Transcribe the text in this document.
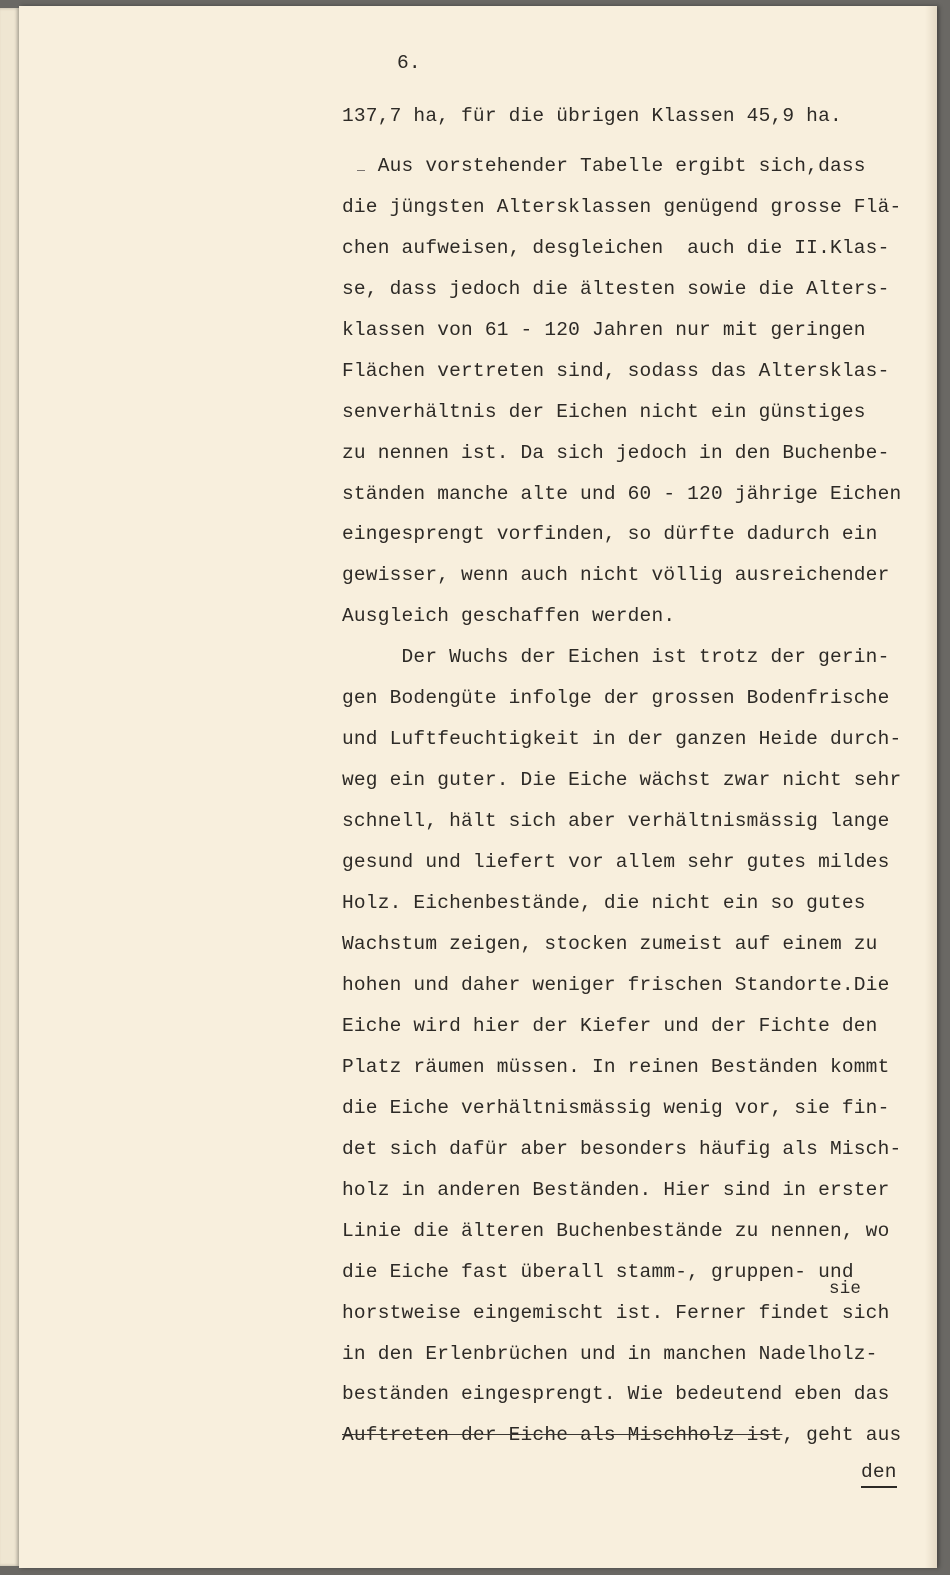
6.
137,7 ha, für die übrigen Klassen 45,9 ha.
Aus vorstehender Tabelle ergibt sich,dass
die jüngsten Altersklassen genügend grosse Flä-
chen aufweisen, desgleichen  auch die II.Klas-
se, dass jedoch die ältesten sowie die Alters-
klassen von 61 - 120 Jahren nur mit geringen
Flächen vertreten sind, sodass das Altersklas-
senverhältnis der Eichen nicht ein günstiges
zu nennen ist. Da sich jedoch in den Buchenbe-
ständen manche alte und 60 - 120 jährige Eichen
eingesprengt vorfinden, so dürfte dadurch ein
gewisser, wenn auch nicht völlig ausreichender
Ausgleich geschaffen werden.
Der Wuchs der Eichen ist trotz der gerin-
gen Bodengüte infolge der grossen Bodenfrische
und Luftfeuchtigkeit in der ganzen Heide durch-
weg ein guter. Die Eiche wächst zwar nicht sehr
schnell, hält sich aber verhältnismässig lange
gesund und liefert vor allem sehr gutes mildes
Holz. Eichenbestände, die nicht ein so gutes
Wachstum zeigen, stocken zumeist auf einem zu
hohen und daher weniger frischen Standorte.Die
Eiche wird hier der Kiefer und der Fichte den
Platz räumen müssen. In reinen Beständen kommt
die Eiche verhältnismässig wenig vor, sie fin-
det sich dafür aber besonders häufig als Misch-
holz in anderen Beständen. Hier sind in erster
Linie die älteren Buchenbestände zu nennen, wo
die Eiche fast überall stamm-, gruppen- und
sie
horstweise eingemischt ist. Ferner findet sich
in den Erlenbrüchen und in manchen Nadelholz-
beständen eingesprengt. Wie bedeutend eben das
Auftreten der Eiche als Mischholz ist, geht aus
den
